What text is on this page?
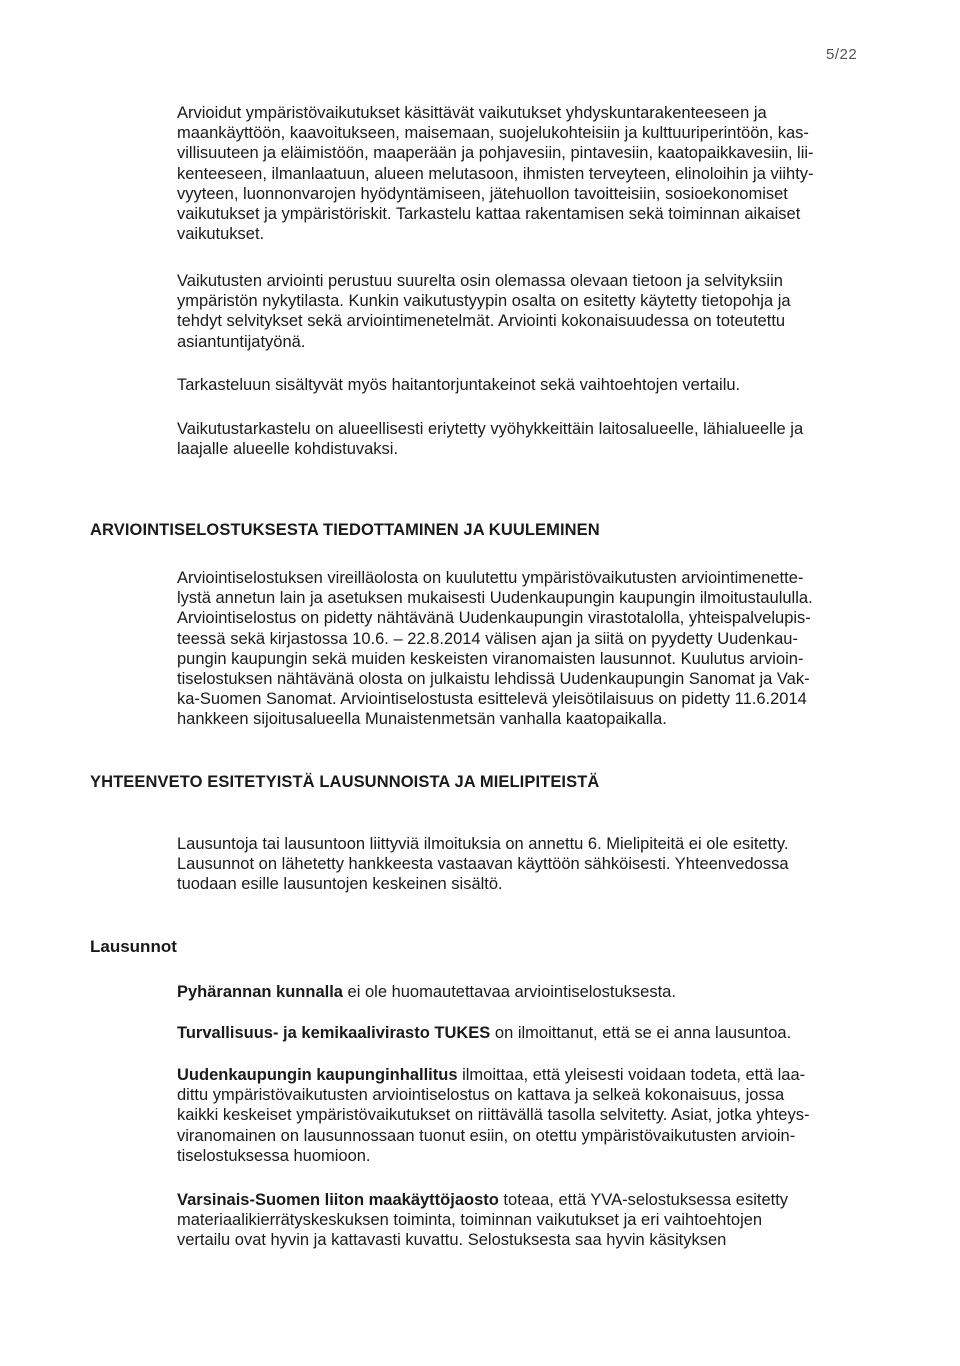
5/22

Arvioidut ympäristövaikutukset käsittävät vaikutukset yhdyskuntarakenteeseen ja
maankäyttöön, kaavoitukseen, maisemaan, suojelukohteisiin ja kulttuuriperintöön, kas-
villisuuteen ja eläimistöön, maaperään ja pohjavesiin, pintavesiin, kaatopaikkavesiin, lii-
kenteeseen, ilmanlaatuun, alueen melutasoon, ihmisten terveyteen, elinoloihin ja viihty-
vyyteen, luonnonvarojen hyödyntämiseen, jätehuollon tavoitteisiin, sosioekonomiset
vaikutukset ja ympäristöriskit. Tarkastelu kattaa rakentamisen sekä toiminnan aikaiset
vaikutukset.

Vaikutusten arviointi perustuu suurelta osin olemassa olevaan tietoon ja selvityksiin
ympäristön nykytilasta. Kunkin vaikutustyypin osalta on esitetty käytetty tietopohja ja
tehdyt selvitykset sekä arviointimenetelmät. Arviointi kokonaisuudessa on toteutettu
asiantuntijatyönä.

Tarkasteluun sisältyvät myös haitantorjuntakeinot sekä vaihtoehtojen vertailu.

Vaikutustarkastelu on alueellisesti eriytetty vyöhykkeittäin laitosalueelle, lähialueelle ja
laajalle alueelle kohdistuvaksi.

ARVIOINTISELOSTUKSESTA TIEDOTTAMINEN JA KUULEMINEN

Arviointiselostuksen vireilläolosta on kuulutettu ympäristövaikutusten arviointimenette-
lystä annetun lain ja asetuksen mukaisesti Uudenkaupungin kaupungin ilmoitustaululla.
Arviointiselostus on pidetty nähtävänä Uudenkaupungin virastotalolla, yhteispalvelupis-
teessä sekä kirjastossa 10.6. – 22.8.2014 välisen ajan ja siitä on pyydetty Uudenkau-
pungin kaupungin sekä muiden keskeisten viranomaisten lausunnot. Kuulutus arvioin-
tiselostuksen nähtävänä olosta on julkaistu lehdissä Uudenkaupungin Sanomat ja Vak-
ka-Suomen Sanomat. Arviointiselostusta esittelevä yleisötilaisuus on pidetty 11.6.2014
hankkeen sijoitusalueella Munaistenmetsän vanhalla kaatopaikalla.

YHTEENVETO ESITETYISTÄ LAUSUNNOISTA JA MIELIPITEISTÄ

Lausuntoja tai lausuntoon liittyviä ilmoituksia on annettu 6. Mielipiteitä ei ole esitetty.
Lausunnot on lähetetty hankkeesta vastaavan käyttöön sähköisesti. Yhteenvedossa
tuodaan esille lausuntojen keskeinen sisältö.

Lausunnot

Pyhärannan kunnalla ei ole huomautettavaa arviointiselostuksesta.

Turvallisuus- ja kemikaalivirasto TUKES on ilmoittanut, että se ei anna lausuntoa.

Uudenkaupungin kaupunginhallitus ilmoittaa, että yleisesti voidaan todeta, että laa-
dittu ympäristövaikutusten arviointiselostus on kattava ja selkeä kokonaisuus, jossa
kaikki keskeiset ympäristövaikutukset on riittävällä tasolla selvitetty. Asiat, jotka yhteys-
viranomainen on lausunnossaan tuonut esiin, on otettu ympäristövaikutusten arvioin-
tiselostuksessa huomioon.

Varsinais-Suomen liiton maakäyttöjaosto toteaa, että YVA-selostuksessa esitetty
materiaalikierrätyskeskuksen toiminta, toiminnan vaikutukset ja eri vaihtoehtojen
vertailu ovat hyvin ja kattavasti kuvattu. Selostuksesta saa hyvin käsityksen
